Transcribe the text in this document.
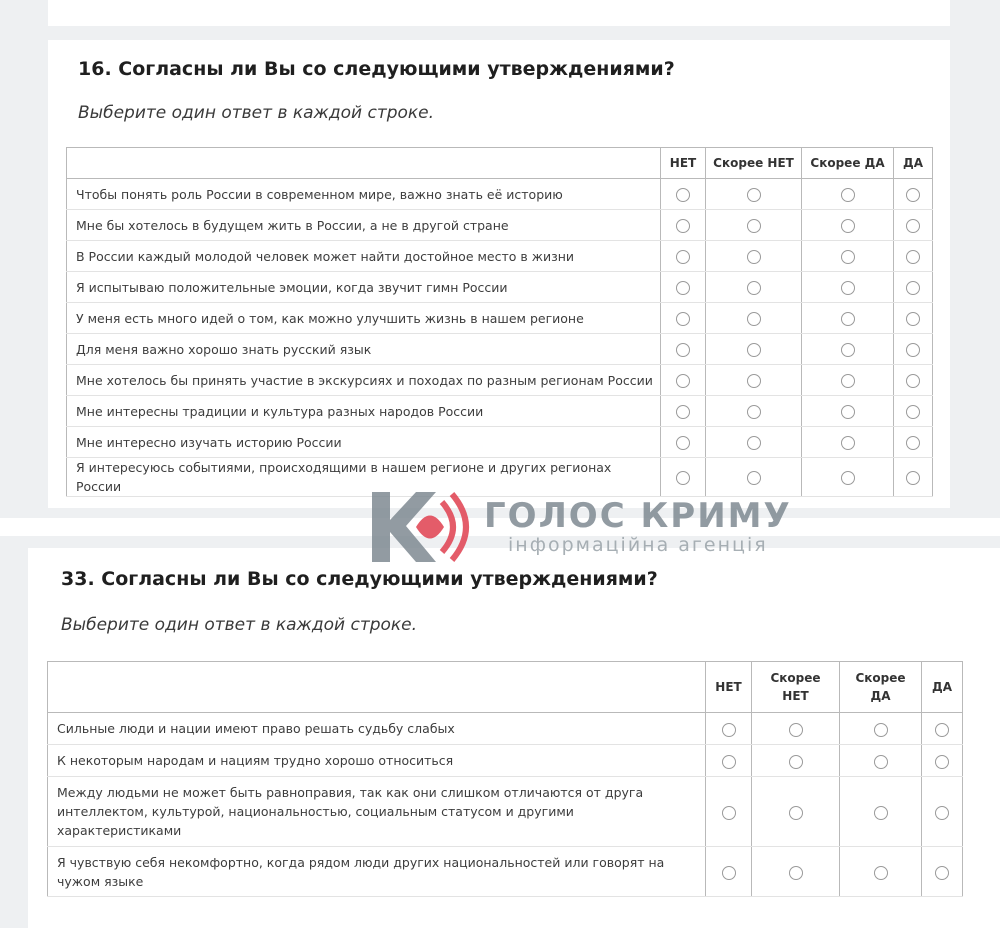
16. Согласны ли Вы со следующими утверждениями?
Выберите один ответ в каждой строке.
	НЕТ	Скорее НЕТ	Скорее ДА	ДА
Чтобы понять роль России в современном мире, важно знать её историю				
Мне бы хотелось в будущем жить в России, а не в другой стране				
В России каждый молодой человек может найти достойное место в жизни				
Я испытываю положительные эмоции, когда звучит гимн России				
У меня есть много идей о том, как можно улучшить жизнь в нашем регионе				
Для меня важно хорошо знать русский язык				
Мне хотелось бы принять участие в экскурсиях и походах по разным регионам России				
Мне интересны традиции и культура разных народов России				
Мне интересно изучать историю России				
Я интересуюсь событиями, происходящими в нашем регионе и других регионах России				
33. Согласны ли Вы со следующими утверждениями?
Выберите один ответ в каждой строке.
	НЕТ	Скорее НЕТ	Скорее ДА	ДА
Сильные люди и нации имеют право решать судьбу слабых				
К некоторым народам и нациям трудно хорошо относиться				
Между людьми не может быть равноправия, так как они слишком отличаются от друга интеллектом, культурой, национальностью, социальным статусом и другими характеристиками				
Я чувствую себя некомфортно, когда рядом люди других национальностей или говорят на чужом языке				
ГОЛОС КРИМУ
інформаційна агенція
